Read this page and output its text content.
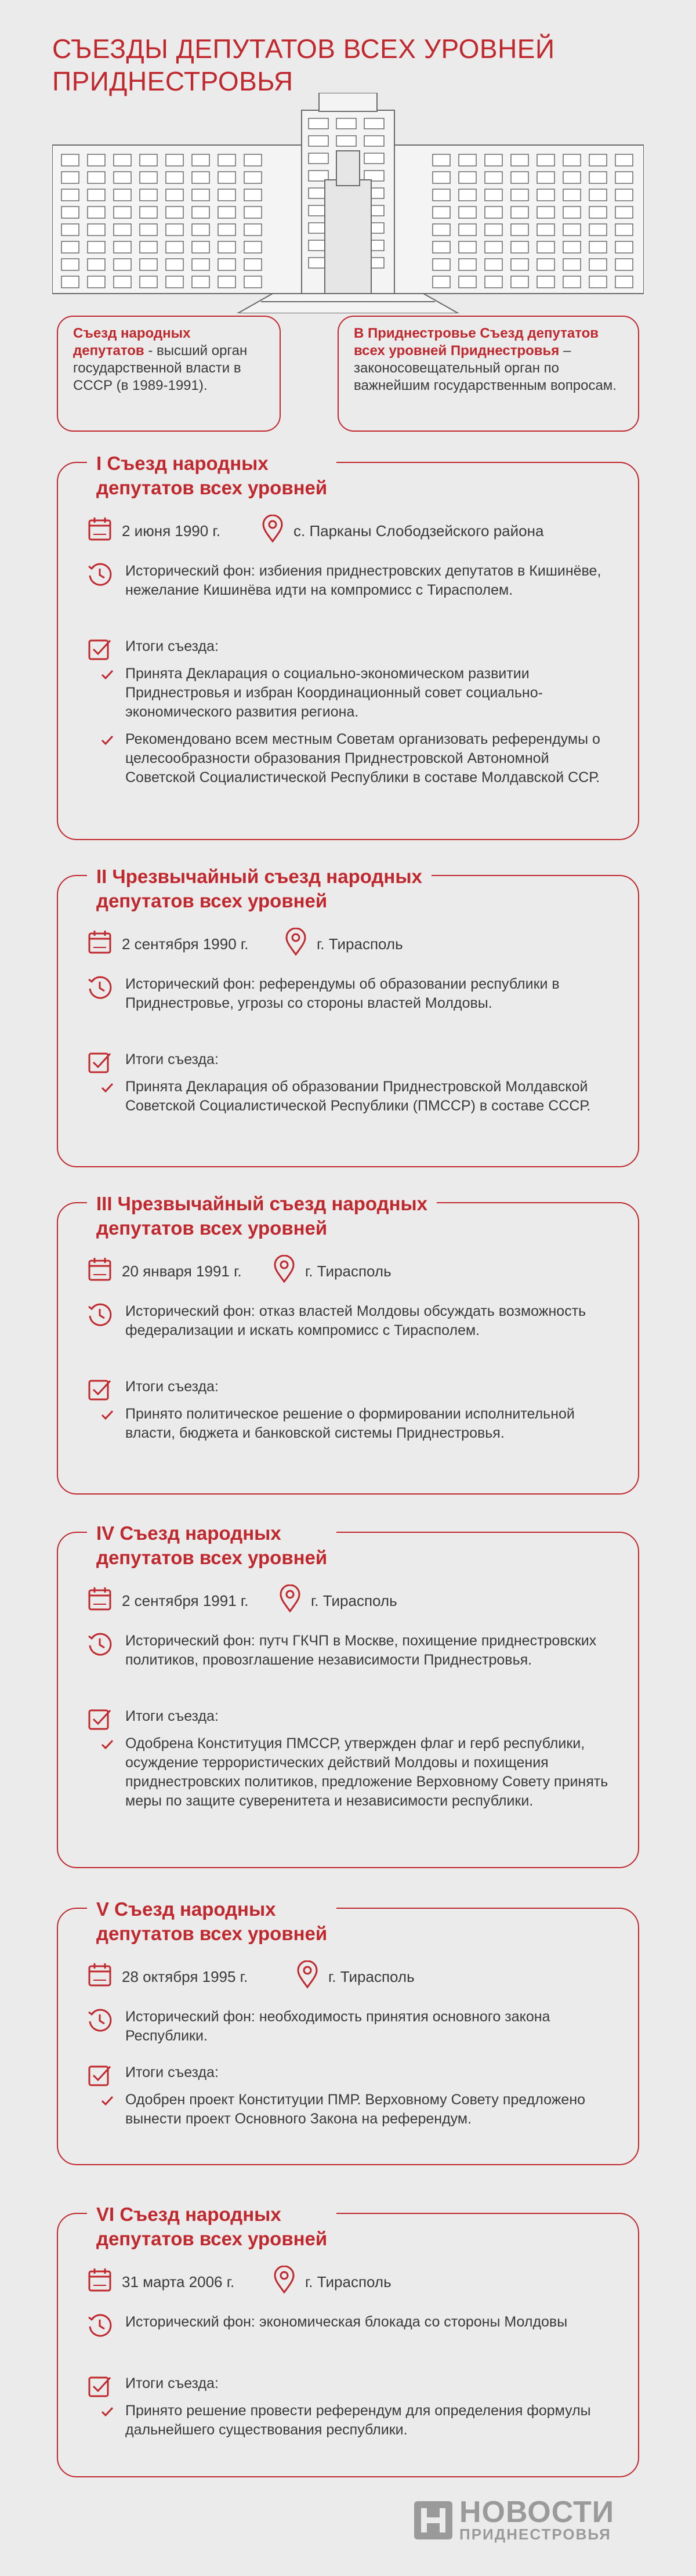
СЪЕЗДЫ ДЕПУТАТОВ ВСЕХ УРОВНЕЙ ПРИДНЕСТРОВЬЯ
Съезд народных депутатов - высший орган государственной власти в СССР (в 1989-1991).
В Приднестровье Съезд депутатов всех уровней Приднестровья – законосовещательный орган по важнейшим государственным вопросам.
I Съезд народных
депутатов всех уровней
2 июня 1990 г.	с. Парканы Слободзейского района
Исторический фон: избиения приднестровских депутатов в Кишинёве, нежелание Кишинёва идти на компромисс с Тирасполем.
Итоги съезда:
Принята Декларация о социально-экономическом развитии Приднестровья и избран Координационный совет социально-экономического развития региона.
Рекомендовано всем местным Советам организовать референдумы о целесообразности образования Приднестровской Автономной Советской Социалистической Республики в составе Молдавской ССР.
II Чрезвычайный съезд народных
депутатов всех уровней
2 сентября 1990 г.	г. Тирасполь
Исторический фон: референдумы об образовании республики в Приднестровье, угрозы со стороны властей Молдовы.
Итоги съезда:
Принята Декларация об образовании Приднестровской Молдавской Советской Социалистической Республики (ПМССР) в составе СССР.
III Чрезвычайный съезд народных
депутатов всех уровней
20 января 1991 г.	г. Тирасполь
Исторический фон: отказ властей Молдовы обсуждать возможность федерализации и искать компромисс с Тирасполем.
Итоги съезда:
Принято политическое решение о формировании исполнительной власти, бюджета и банковской системы Приднестровья.
IV Съезд народных
депутатов всех уровней
2 сентября 1991 г.	г. Тирасполь
Исторический фон: путч ГКЧП в Москве, похищение приднестровских политиков, провозглашение независимости Приднестровья.
Итоги съезда:
Одобрена Конституция ПМССР, утвержден флаг и герб республики, осуждение террористических действий Молдовы и похищения приднестровских политиков, предложение Верховному Совету принять меры по защите суверенитета и независимости республики.
V Съезд народных
депутатов всех уровней
28 октября 1995 г.	г. Тирасполь
Исторический фон: необходимость принятия основного закона Республики.
Итоги съезда:
Одобрен проект Конституции ПМР. Верховному Совету предложено вынести проект Основного Закона на референдум.
VI Съезд народных
депутатов всех уровней
31 марта 2006 г.	г. Тирасполь
Исторический фон: экономическая блокада со стороны Молдовы
Итоги съезда:
Принято решение провести референдум для определения формулы дальнейшего существования республики.
НОВОСТИ
ПРИДНЕСТРОВЬЯ
